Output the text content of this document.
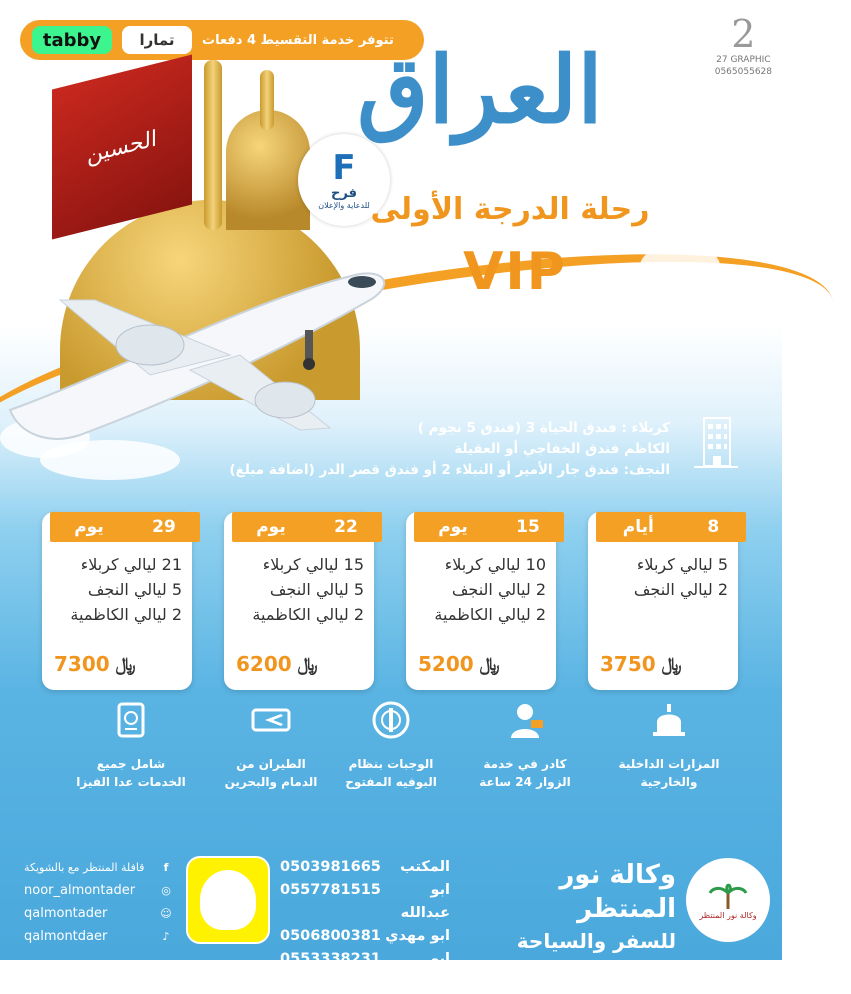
تتوفر خدمة التقسيط 4 دفعات
تمارا
tabby	2
27 GRAPHIC
0565055628
الحسين	F
فرح
للدعاية والإعلان
العراق
رحلة الدرجة الأولى
VIP
كربلاء : فندق الحياة 3 (فندق 5 نجوم )
الكاظم فندق الخفاجي أو العقيلة
النجف: فندق جار الأمير أو النبلاء 2 أو فندق قصر الدر (اضافة مبلغ)
8
أيام
5 ليالي كربلاء
2 ليالي النجف
﷼
3750
15
يوم
10 ليالي كربلاء
2 ليالي النجف
2 ليالي الكاظمية
﷼
5200
22
يوم
15 ليالي كربلاء
5 ليالي النجف
2 ليالي الكاظمية
﷼
6200
29
يوم
21 ليالي كربلاء
5 ليالي النجف
2 ليالي الكاظمية
﷼
7300
المزارات الداخلية
والخارجية
كادر في خدمة
الزوار 24 ساعة
الوجبات بنظام
البوفيه المفتوح
الطيران من
الدمام والبحرين
شامل جميع
الخدمات عدا الفيزا
وكالة نور المنتظر
وكالة نور المنتظر
للسفر والسياحة
المكتب
0503981665
ابو عبدالله
0557781515
ابو مهدي
0506800381
ابو عبدالله
0553338231
قافلة المنتظر مع بالشويكة	f
noor_almontader ◎
qalmontader	☺
qalmontdaer	♪
